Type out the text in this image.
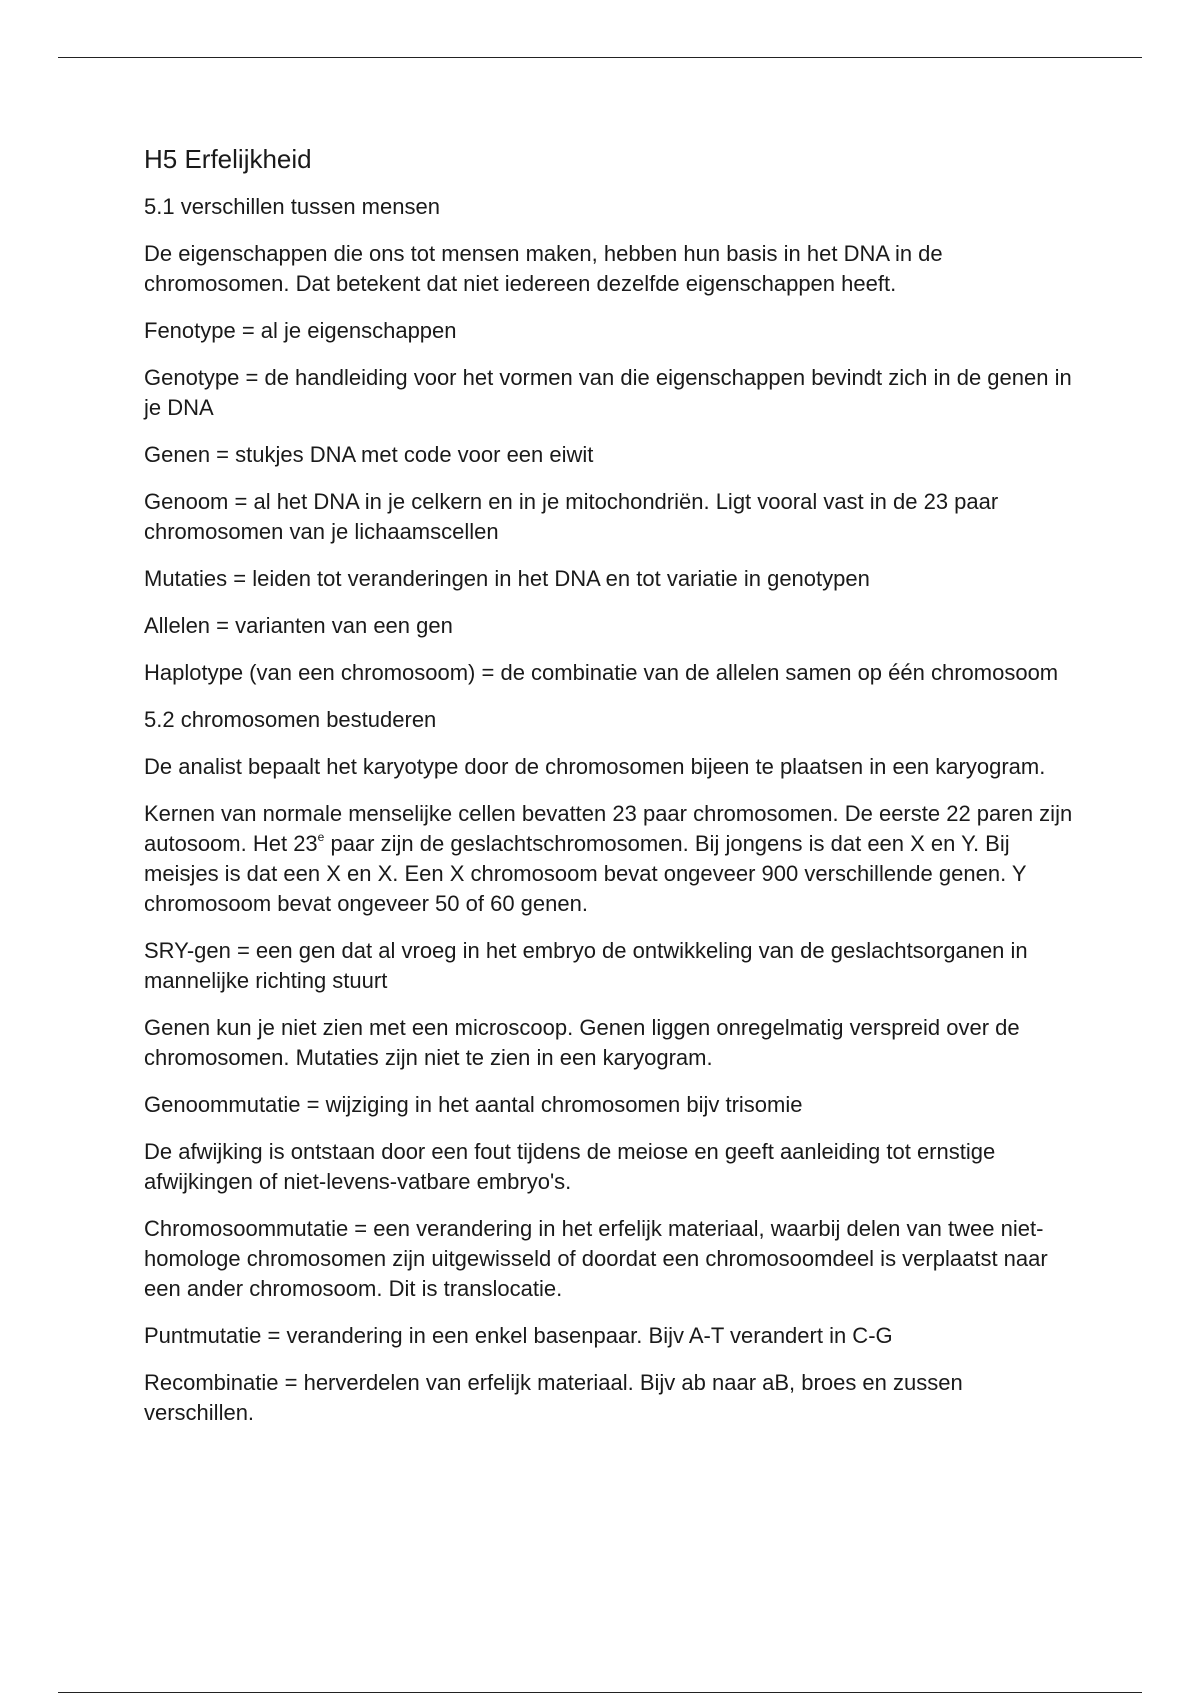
H5 Erfelijkheid
5.1 verschillen tussen mensen

De eigenschappen die ons tot mensen maken, hebben hun basis in het DNA in de chromosomen. Dat betekent dat niet iedereen dezelfde eigenschappen heeft.

Fenotype = al je eigenschappen

Genotype = de handleiding voor het vormen van die eigenschappen bevindt zich in de genen in je DNA

Genen = stukjes DNA met code voor een eiwit

Genoom = al het DNA in je celkern en in je mitochondriën. Ligt vooral vast in de 23 paar chromosomen van je lichaamscellen

Mutaties = leiden tot veranderingen in het DNA en tot variatie in genotypen

Allelen = varianten van een gen

Haplotype (van een chromosoom) = de combinatie van de allelen samen op één chromosoom

5.2 chromosomen bestuderen

De analist bepaalt het karyotype door de chromosomen bijeen te plaatsen in een karyogram.

Kernen van normale menselijke cellen bevatten 23 paar chromosomen. De eerste 22 paren zijn autosoom. Het 23e paar zijn de geslachtschromosomen. Bij jongens is dat een X en Y. Bij meisjes is dat een X en X. Een X chromosoom bevat ongeveer 900 verschillende genen. Y chromosoom bevat ongeveer 50 of 60 genen.

SRY-gen = een gen dat al vroeg in het embryo de ontwikkeling van de geslachtsorganen in mannelijke richting stuurt

Genen kun je niet zien met een microscoop. Genen liggen onregelmatig verspreid over de chromosomen. Mutaties zijn niet te zien in een karyogram.

Genoommutatie = wijziging in het aantal chromosomen bijv trisomie

De afwijking is ontstaan door een fout tijdens de meiose en geeft aanleiding tot ernstige afwijkingen of niet-levens-vatbare embryo's.

Chromosoommutatie = een verandering in het erfelijk materiaal, waarbij delen van twee niet-homologe chromosomen zijn uitgewisseld of doordat een chromosoomdeel is verplaatst naar een ander chromosoom. Dit is translocatie.

Puntmutatie = verandering in een enkel basenpaar. Bijv A-T verandert in C-G

Recombinatie = herverdelen van erfelijk materiaal. Bijv ab naar aB, broes en zussen verschillen.
